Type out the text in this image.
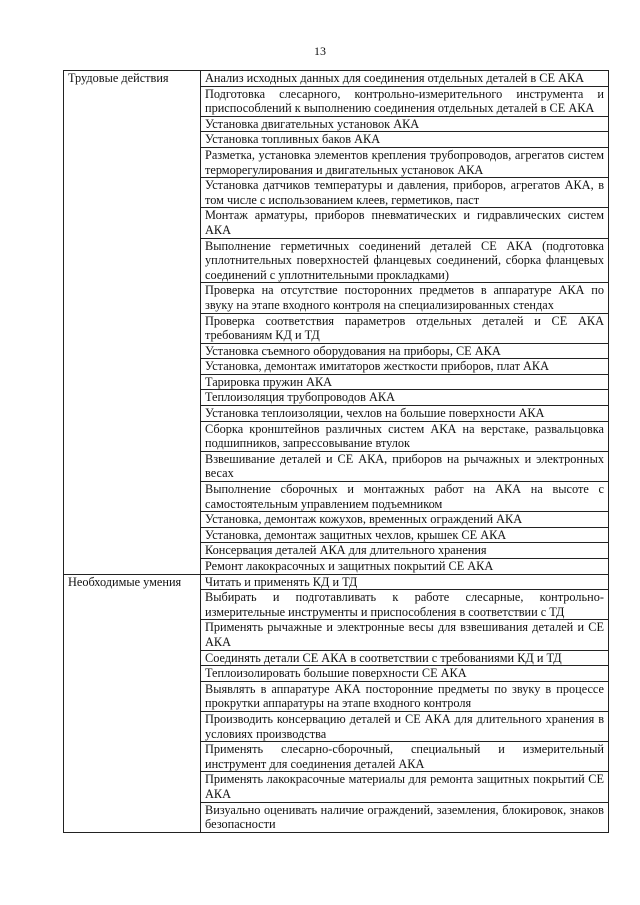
13
Трудовые действия	Анализ исходных данных для соединения отдельных деталей в СЕ АКА
	Подготовка слесарного, контрольно-измерительного инструмента и приспособлений к выполнению соединения отдельных деталей в СЕ АКА
	Установка двигательных установок АКА
	Установка топливных баков АКА
	Разметка, установка элементов крепления трубопроводов, агрегатов систем терморегулирования и двигательных установок АКА
	Установка датчиков температуры и давления, приборов, агрегатов АКА, в том числе с использованием клеев, герметиков, паст
	Монтаж арматуры, приборов пневматических и гидравлических систем АКА
	Выполнение герметичных соединений деталей СЕ АКА (подготовка уплотнительных поверхностей фланцевых соединений, сборка фланцевых соединений с уплотнительными прокладками)
	Проверка на отсутствие посторонних предметов в аппаратуре АКА по звуку на этапе входного контроля на специализированных стендах
	Проверка соответствия параметров отдельных деталей и СЕ АКА требованиям КД и ТД
	Установка съемного оборудования на приборы, СЕ АКА
	Установка, демонтаж имитаторов жесткости приборов, плат АКА
	Тарировка пружин АКА
	Теплоизоляция трубопроводов АКА
	Установка теплоизоляции, чехлов на большие поверхности АКА
	Сборка кронштейнов различных систем АКА на верстаке, развальцовка подшипников, запрессовывание втулок
	Взвешивание деталей и СЕ АКА, приборов на рычажных и электронных весах
	Выполнение сборочных и монтажных работ на АКА на высоте с самостоятельным управлением подъемником
	Установка, демонтаж кожухов, временных ограждений АКА
	Установка, демонтаж защитных чехлов, крышек СЕ АКА
	Консервация деталей АКА для длительного хранения
	Ремонт лакокрасочных и защитных покрытий СЕ АКА
Необходимые умения	Читать и применять КД и ТД
	Выбирать и подготавливать к работе слесарные, контрольно-измерительные инструменты и приспособления в соответствии с ТД
	Применять рычажные и электронные весы для взвешивания деталей и СЕ АКА
	Соединять детали СЕ АКА в соответствии с требованиями КД и ТД
	Теплоизолировать большие поверхности СЕ АКА
	Выявлять в аппаратуре АКА посторонние предметы по звуку в процессе прокрутки аппаратуры на этапе входного контроля
	Производить консервацию деталей и СЕ АКА для длительного хранения в условиях производства
	Применять слесарно-сборочный, специальный и измерительный инструмент для соединения деталей АКА
	Применять лакокрасочные материалы для ремонта защитных покрытий СЕ АКА
	Визуально оценивать наличие ограждений, заземления, блокировок, знаков безопасности
